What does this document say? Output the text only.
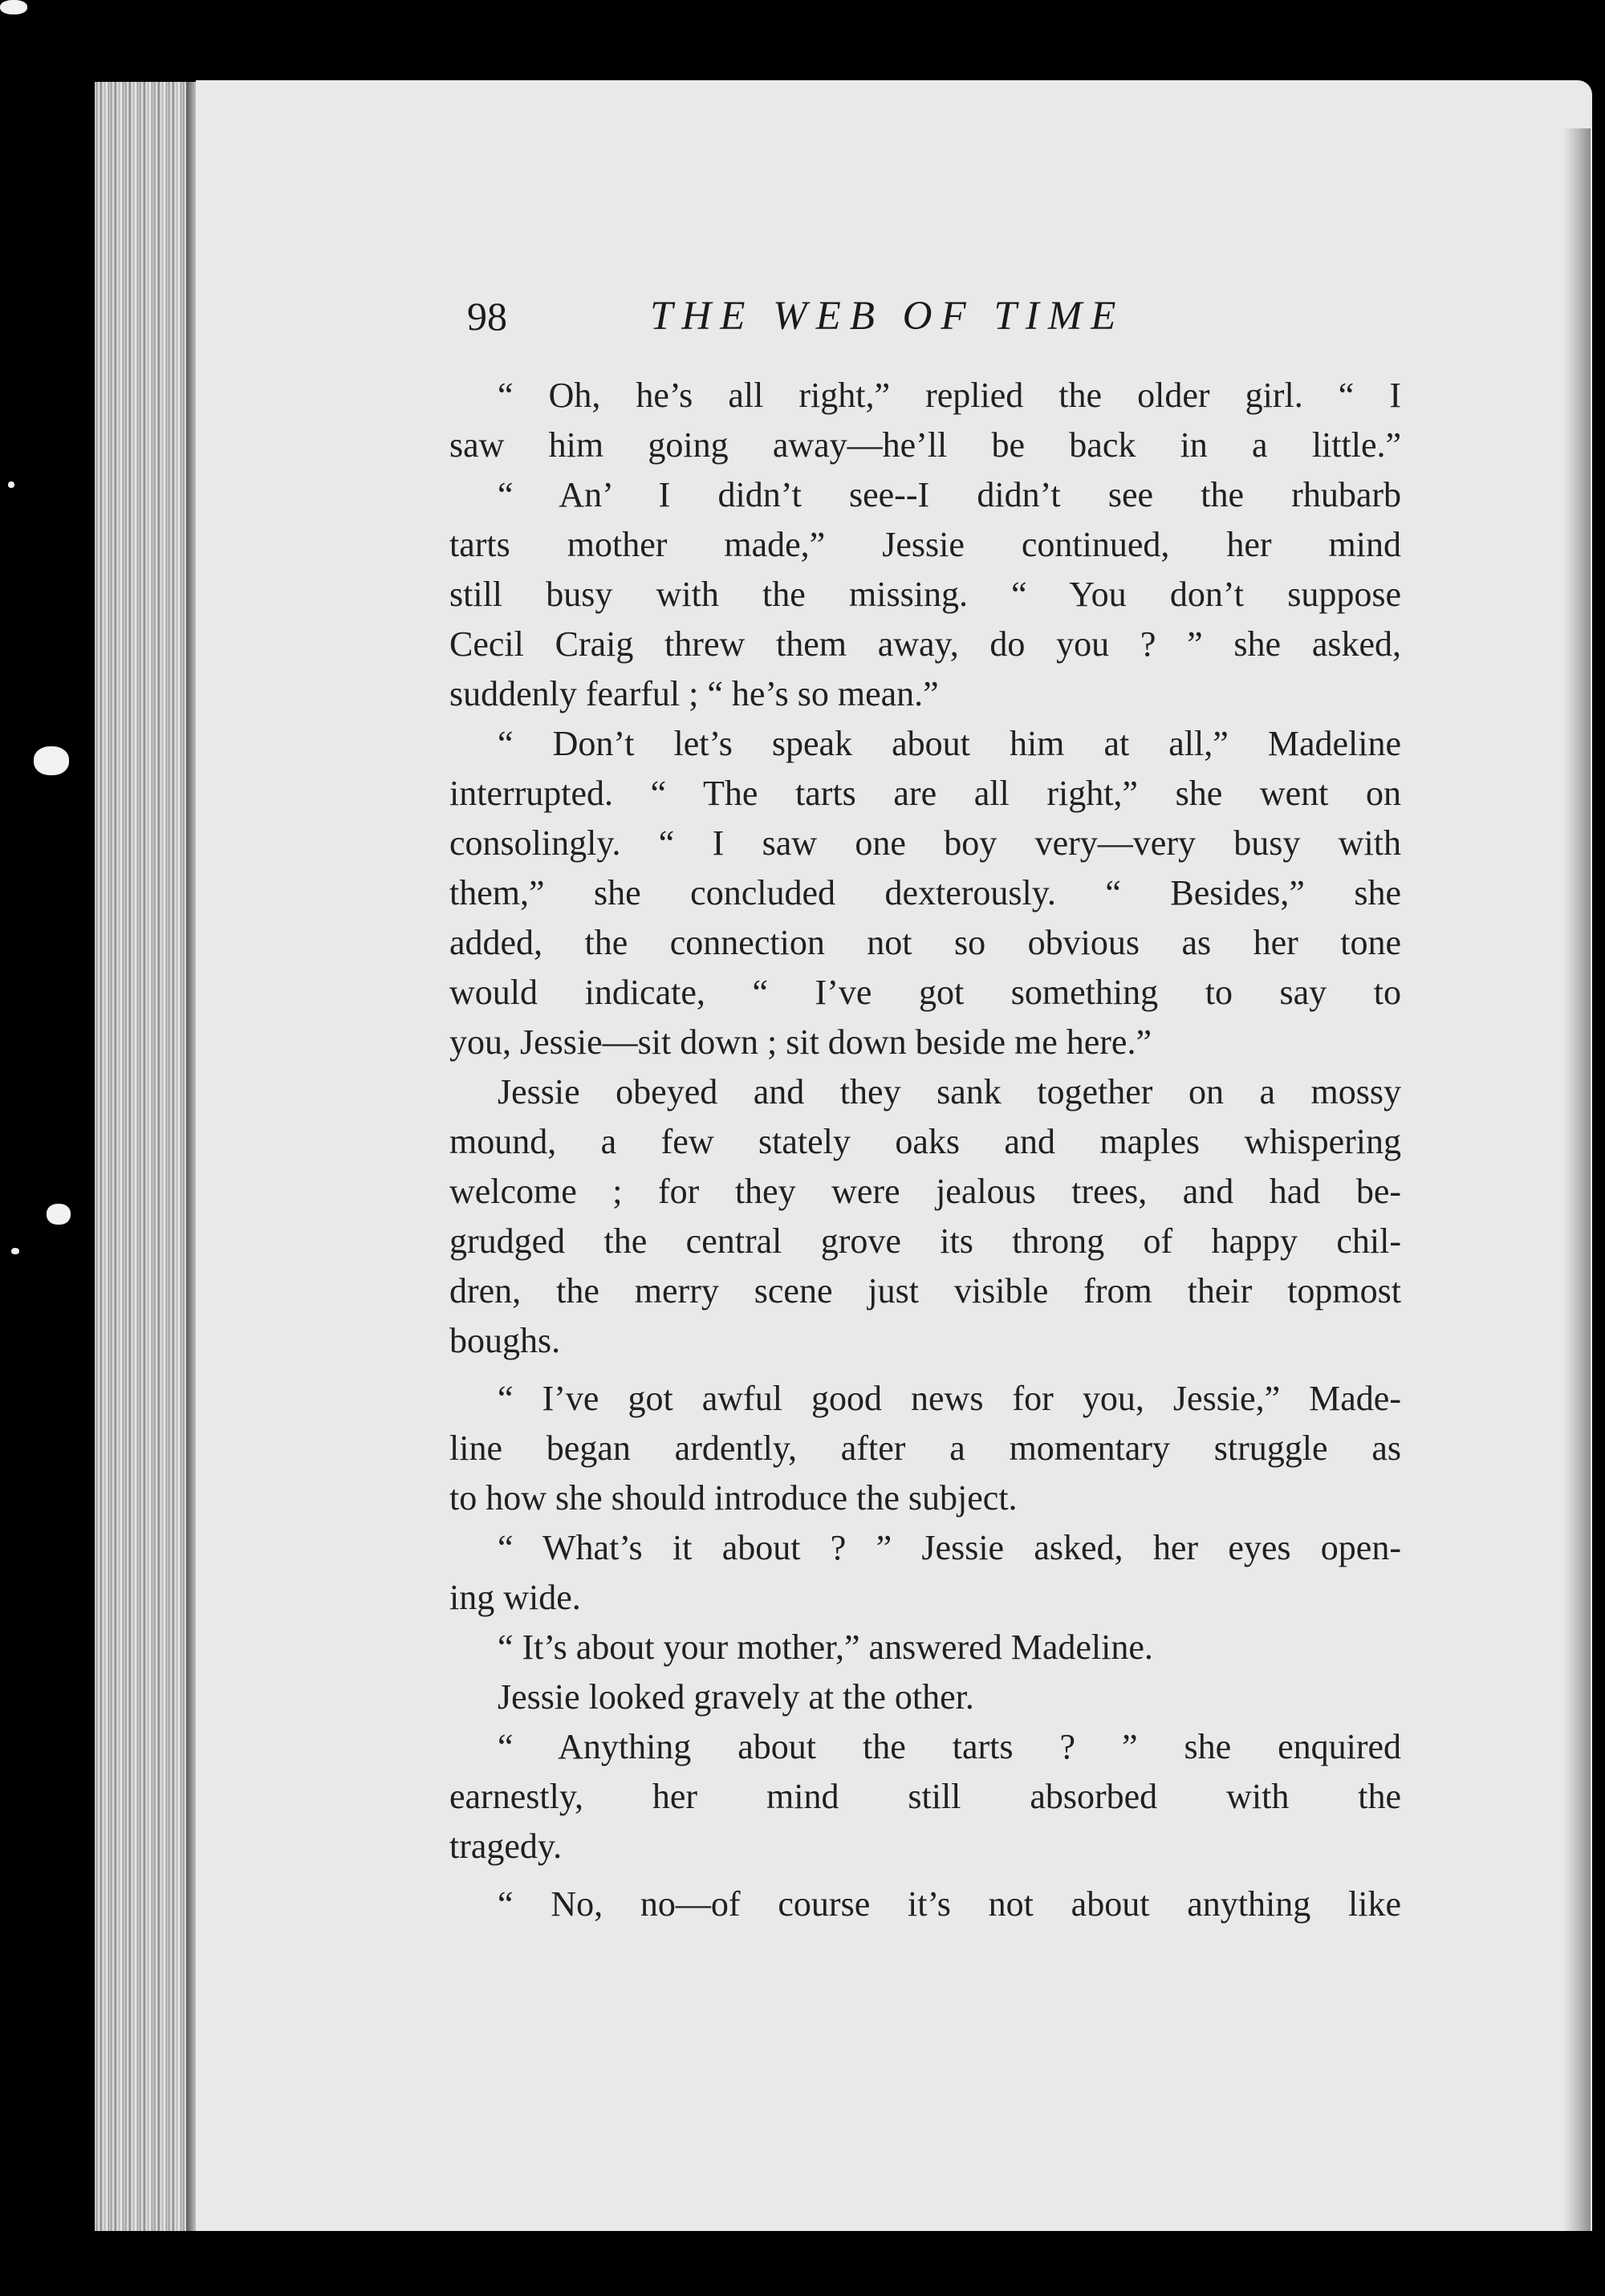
98	THE WEB OF TIME
“ Oh, he’s all right,” replied the older girl. “ I
saw him going away—he’ll be back in a little.”
“ An’ I didn’t see--I didn’t see the rhubarb
tarts mother made,” Jessie continued, her mind
still busy with the missing. “ You don’t suppose
Cecil Craig threw them away, do you ? ” she asked,
suddenly fearful ; “ he’s so mean.”
“ Don’t let’s speak about him at all,” Madeline
interrupted. “ The tarts are all right,” she went on
consolingly. “ I saw one boy very—very busy with
them,” she concluded dexterously. “ Besides,” she
added, the connection not so obvious as her tone
would indicate, “ I’ve got something to say to
you, Jessie—sit down ; sit down beside me here.”
Jessie obeyed and they sank together on a mossy
mound, a few stately oaks and maples whispering
welcome ; for they were jealous trees, and had be-
grudged the central grove its throng of happy chil-
dren, the merry scene just visible from their topmost
boughs.
“ I’ve got awful good news for you, Jessie,” Made-
line began ardently, after a momentary struggle as
to how she should introduce the subject.
“ What’s it about ? ” Jessie asked, her eyes open-
ing wide.
“ It’s about your mother,” answered Madeline.
Jessie looked gravely at the other.
“ Anything about the tarts ? ” she enquired
earnestly, her mind still absorbed with the
tragedy.
“ No, no—of course it’s not about anything like
